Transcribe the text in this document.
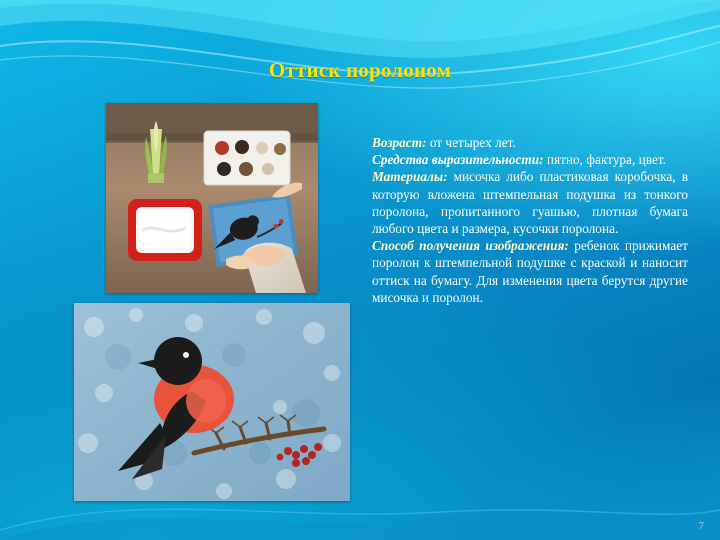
Оттиск поролоном

Возраст: от четырех лет.

Средства выразительности: пятно, фактура, цвет.

Материалы: мисочка либо пластиковая коробочка, в которую вложена штемпельная подушка из тонкого поролона, пропитанного гуашью, плотная бумага любого цвета и размера, кусочки поролона.

Способ получения изображения: ребенок прижимает поролон к штемпельной подушке с краской и наносит оттиск на бумагу. Для изменения цвета берутся другие мисочка и поролон.

7
